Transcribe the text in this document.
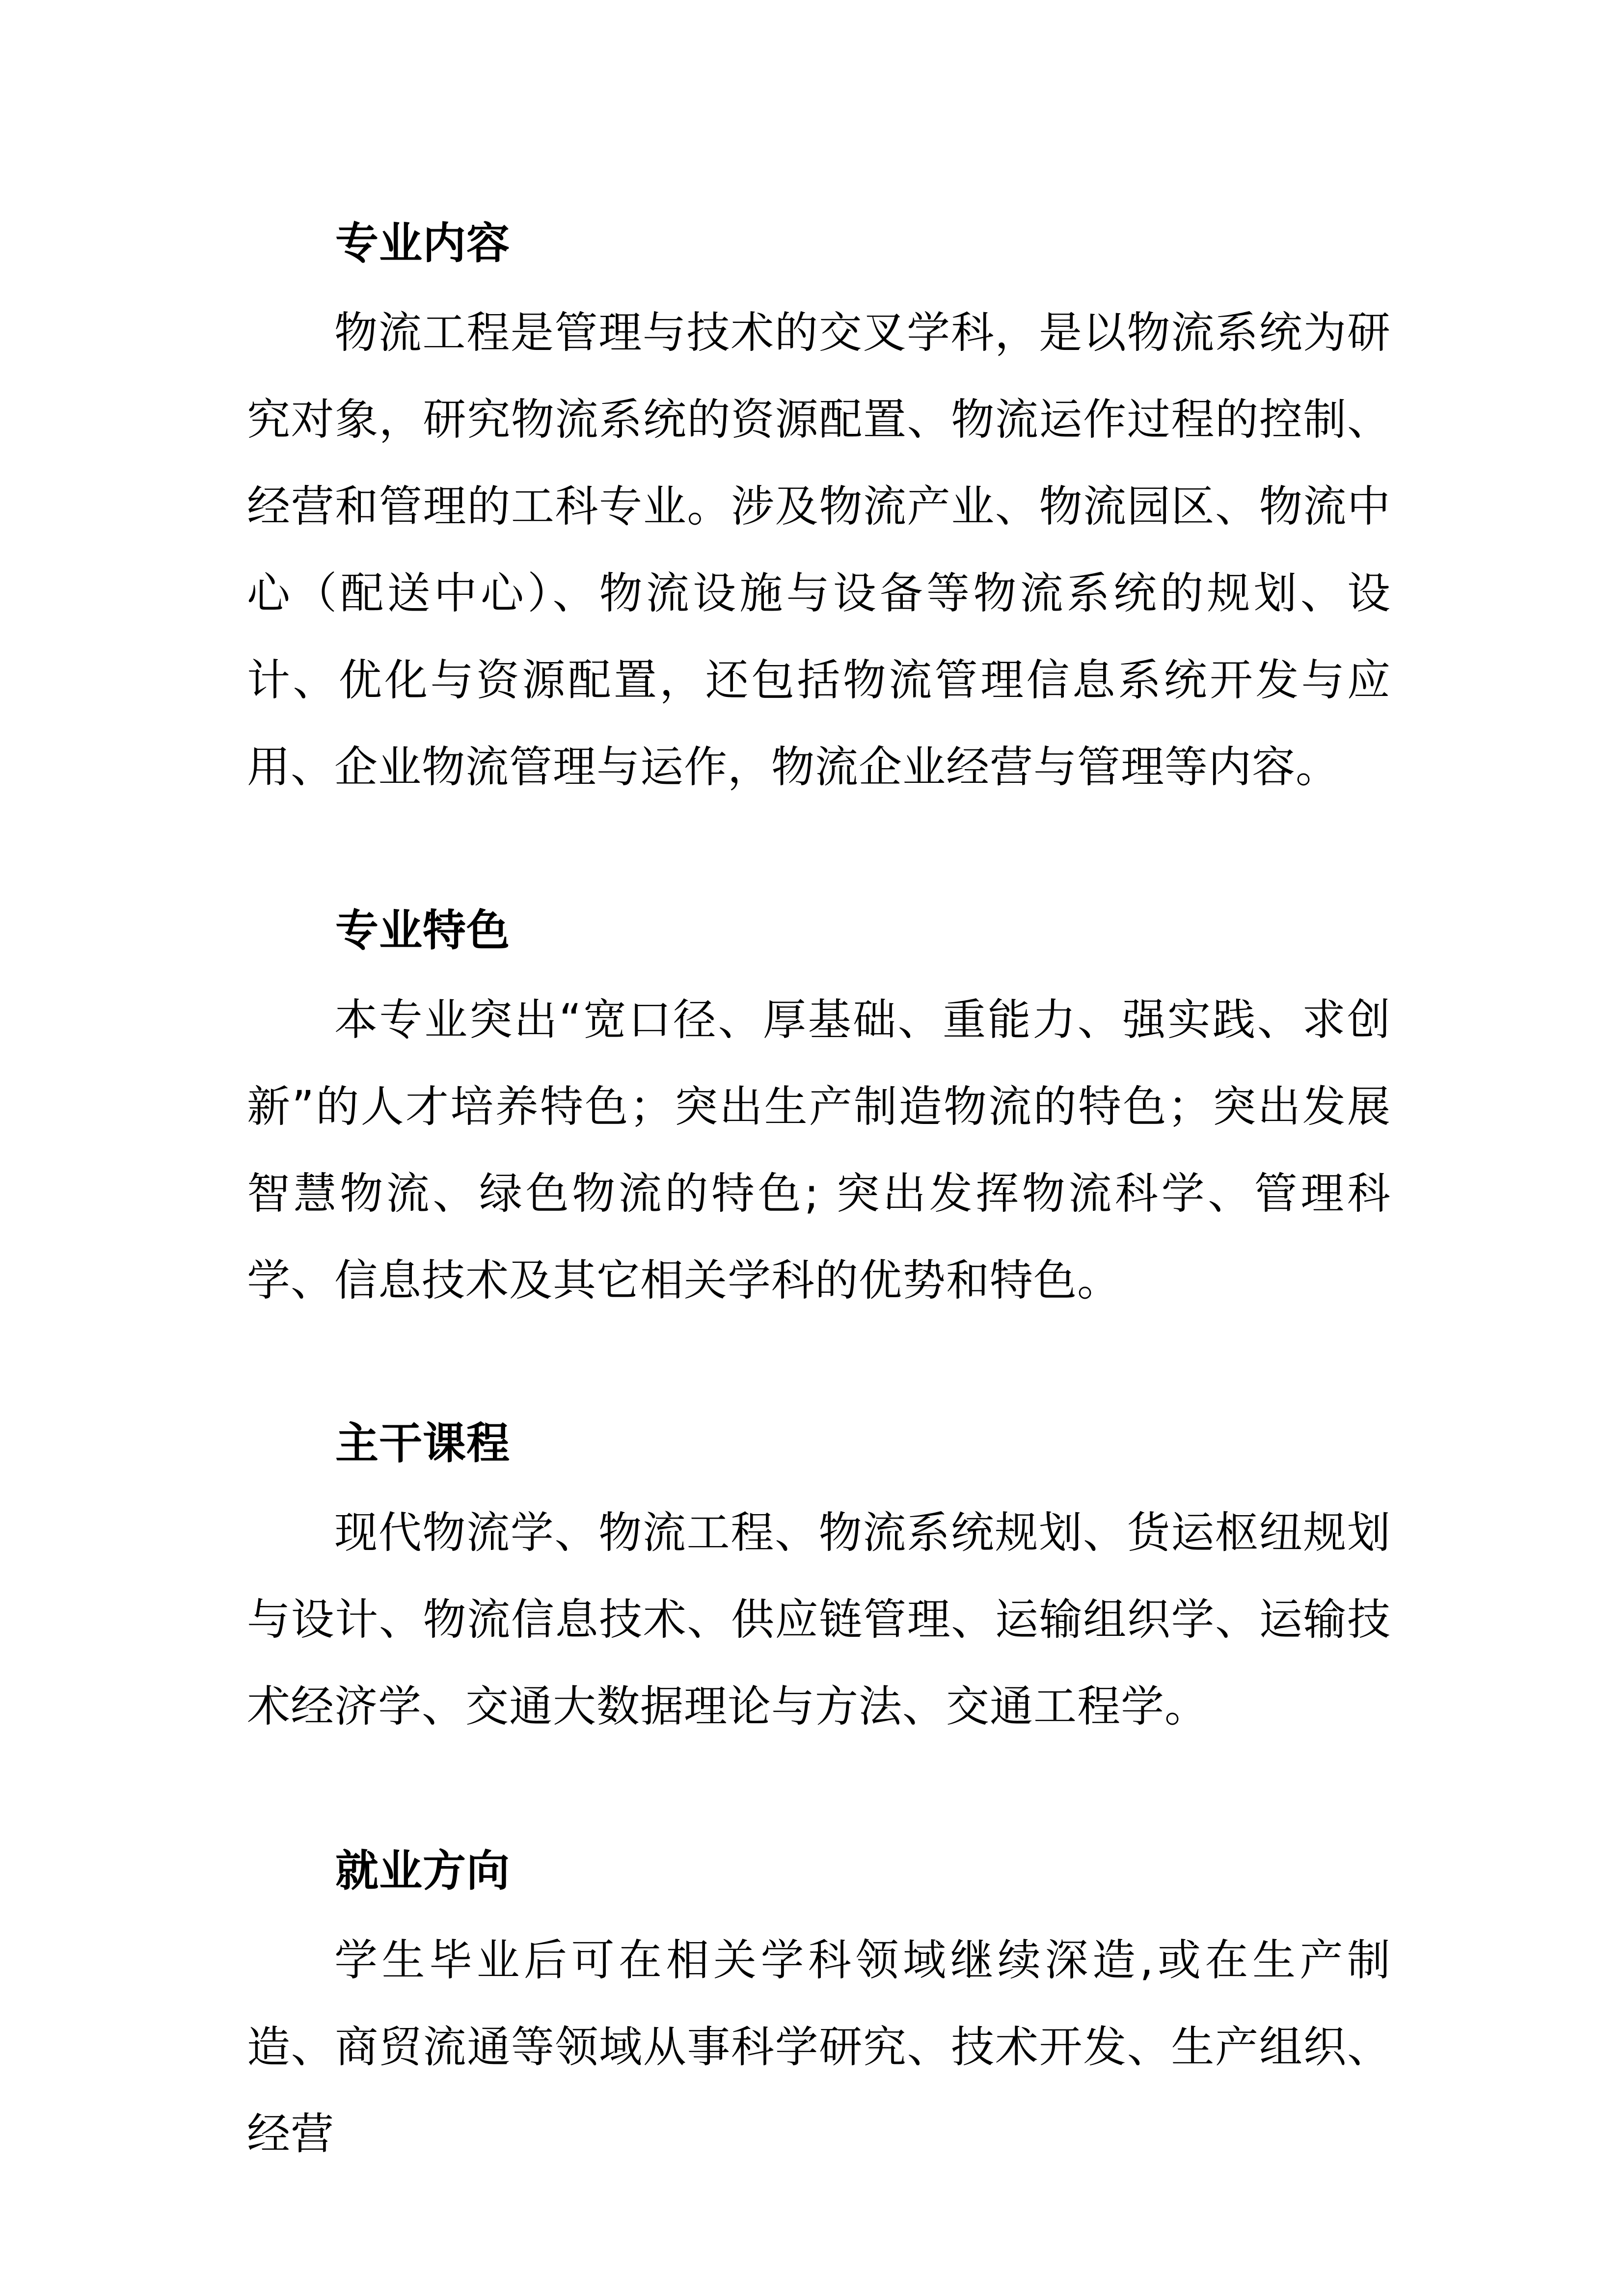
专业内容

物流工程是管理与技术的交叉学科，是以物流系统为研究对象，研究物流系统的资源配置、物流运作过程的控制、经营和管理的工科专业。涉及物流产业、物流园区、物流中心（配送中心）、物流设施与设备等物流系统的规划、设计、优化与资源配置，还包括物流管理信息系统开发与应用、企业物流管理与运作，物流企业经营与管理等内容。

专业特色

本专业突出“宽口径、厚基础、重能力、强实践、求创新”的人才培养特色；突出生产制造物流的特色；突出发展智慧物流、绿色物流的特色; 突出发挥物流科学、管理科学、信息技术及其它相关学科的优势和特色。

主干课程

现代物流学、物流工程、物流系统规划、货运枢纽规划与设计、物流信息技术、供应链管理、运输组织学、运输技术经济学、交通大数据理论与方法、交通工程学。

就业方向

学生毕业后可在相关学科领域继续深造,或在生产制造、商贸流通等领域从事科学研究、技术开发、生产组织、经营
